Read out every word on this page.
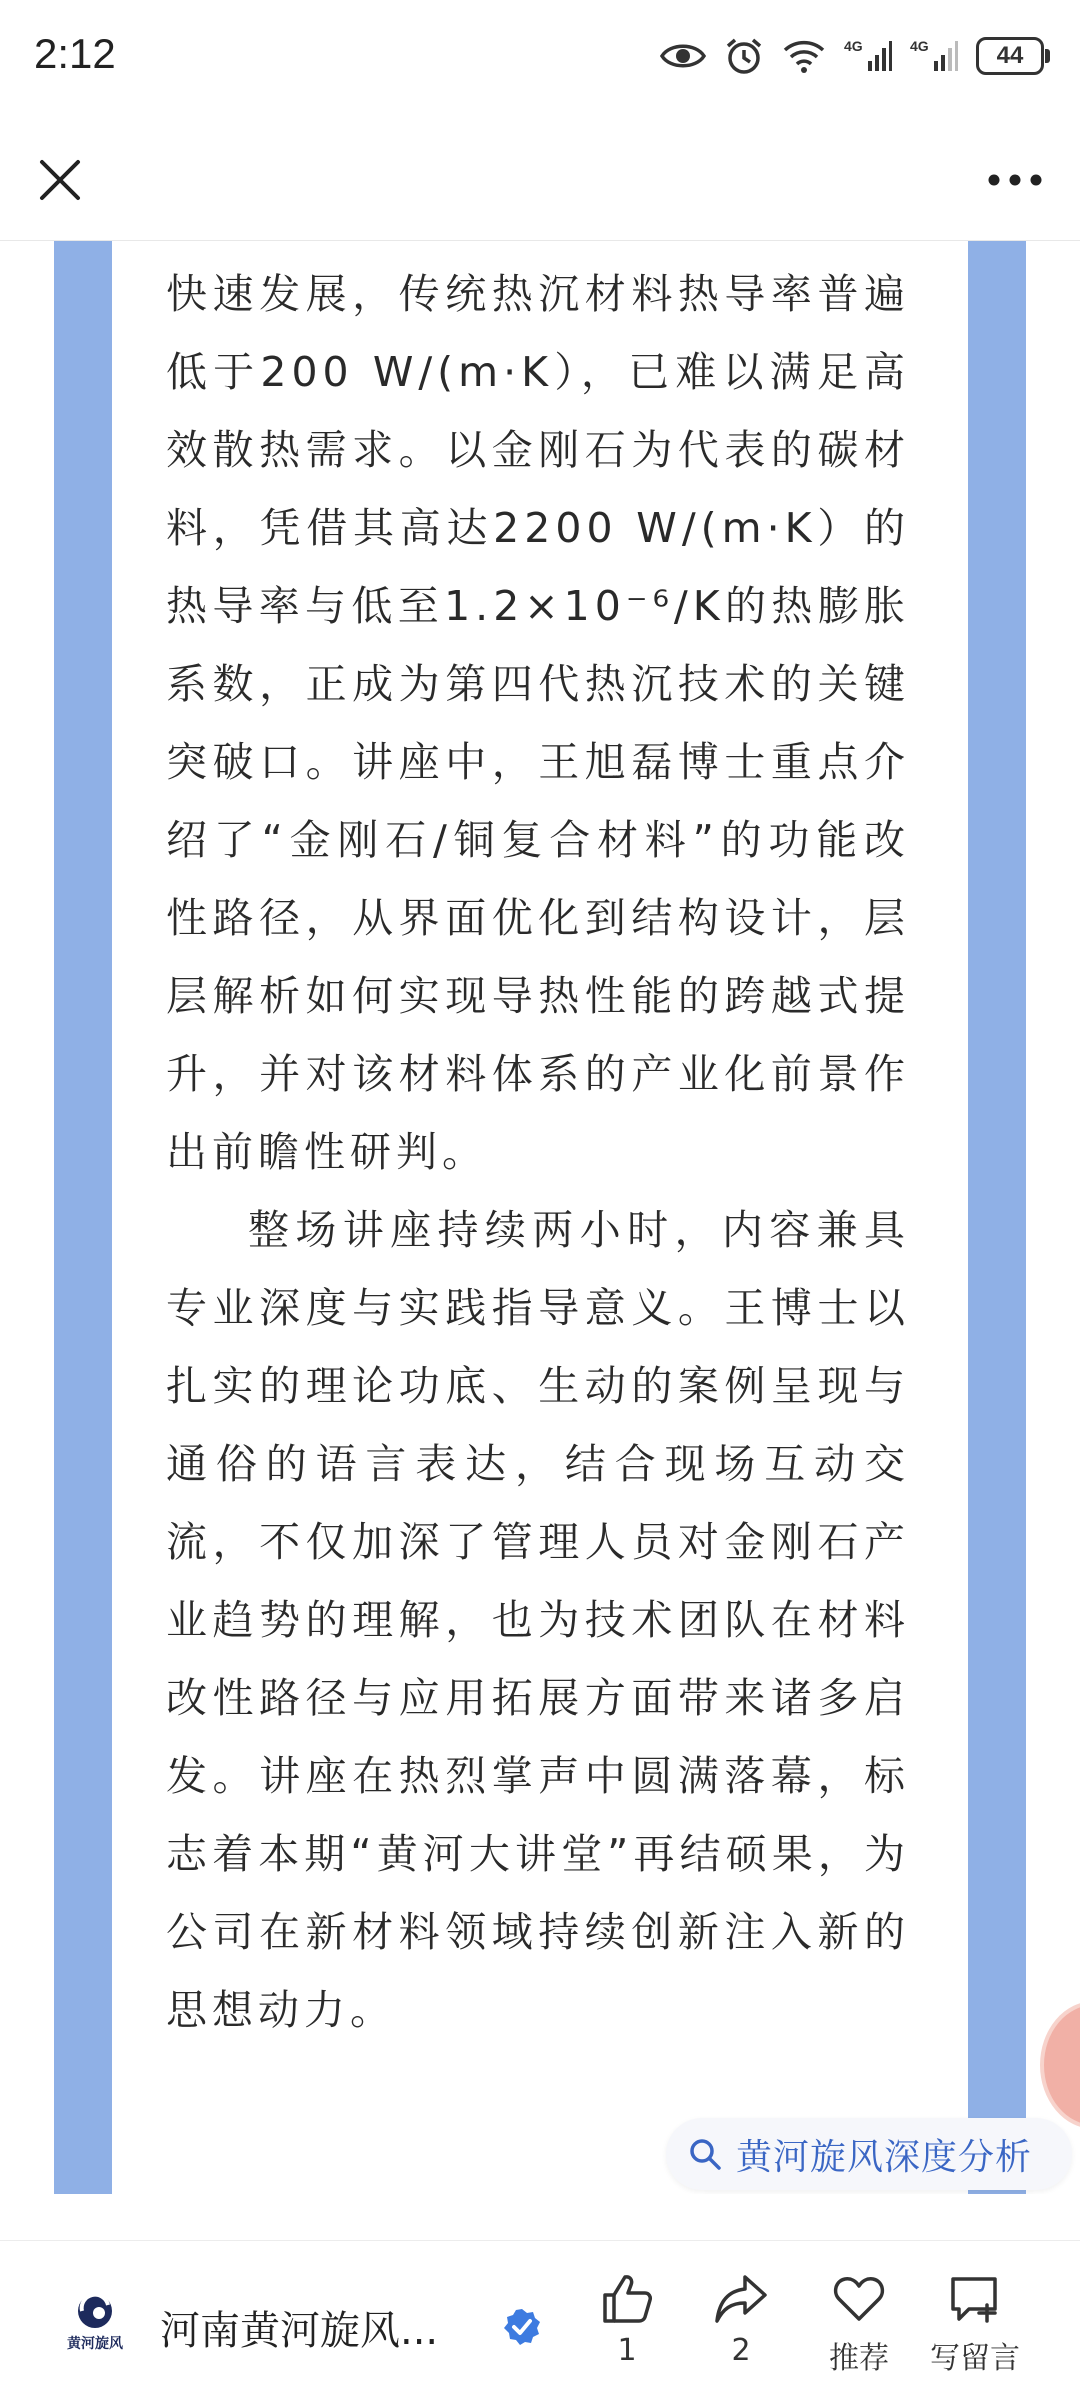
2:12	4G	4G	44

快速发展，传统热沉材料热导率普遍低于200 W/(m·K），已难以满足高效散热需求。以金刚石为代表的碳材料，凭借其高达2200 W/(m·K）的热导率与低至1.2×10⁻⁶/K的热膨胀系数，正成为第四代热沉技术的关键突破口。讲座中，王旭磊博士重点介绍了“金刚石/铜复合材料”的功能改性路径，从界面优化到结构设计，层层解析如何实现导热性能的跨越式提升，并对该材料体系的产业化前景作出前瞻性研判。

整场讲座持续两小时，内容兼具专业深度与实践指导意义。王博士以扎实的理论功底、生动的案例呈现与通俗的语言表达，结合现场互动交流，不仅加深了管理人员对金刚石产业趋势的理解，也为技术团队在材料改性路径与应用拓展方面带来诸多启发。讲座在热烈掌声中圆满落幕，标志着本期“黄河大讲堂”再结硕果，为公司在新材料领域持续创新注入新的思想动力。

黄河旋风深度分析
黄河旋风 河南黄河旋风...	1	2	推荐 写留言
